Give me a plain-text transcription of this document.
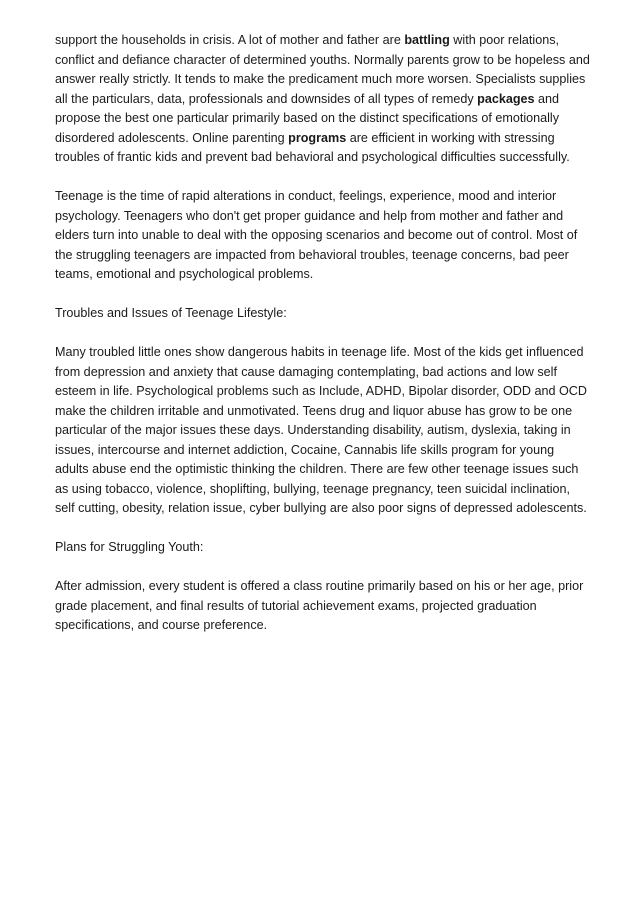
support the households in crisis. A lot of mother and father are battling with poor relations, conflict and defiance character of determined youths. Normally parents grow to be hopeless and answer really strictly. It tends to make the predicament much more worsen. Specialists supplies all the particulars, data, professionals and downsides of all types of remedy packages and propose the best one particular primarily based on the distinct specifications of emotionally disordered adolescents. Online parenting programs are efficient in working with stressing troubles of frantic kids and prevent bad behavioral and psychological difficulties successfully.

Teenage is the time of rapid alterations in conduct, feelings, experience, mood and interior psychology. Teenagers who don't get proper guidance and help from mother and father and elders turn into unable to deal with the opposing scenarios and become out of control. Most of the struggling teenagers are impacted from behavioral troubles, teenage concerns, bad peer teams, emotional and psychological problems.

Troubles and Issues of Teenage Lifestyle:

Many troubled little ones show dangerous habits in teenage life. Most of the kids get influenced from depression and anxiety that cause damaging contemplating, bad actions and low self esteem in life. Psychological problems such as Include, ADHD, Bipolar disorder, ODD and OCD make the children irritable and unmotivated. Teens drug and liquor abuse has grow to be one particular of the major issues these days. Understanding disability, autism, dyslexia, taking in issues, intercourse and internet addiction, Cocaine, Cannabis life skills program for young adults abuse end the optimistic thinking the children. There are few other teenage issues such as using tobacco, violence, shoplifting, bullying, teenage pregnancy, teen suicidal inclination, self cutting, obesity, relation issue, cyber bullying are also poor signs of depressed adolescents.

Plans for Struggling Youth:

After admission, every student is offered a class routine primarily based on his or her age, prior grade placement, and final results of tutorial achievement exams, projected graduation specifications, and course preference.
